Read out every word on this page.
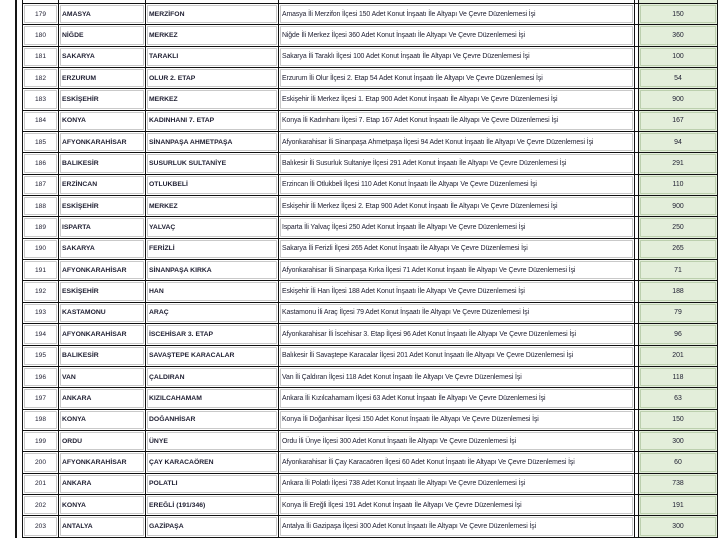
179	AMASYA	MERZİFON	Amasya İli Merzifon İlçesi 150 Adet Konut İnşaatı İle Altyapı Ve Çevre Düzenlemesi İşi	150
180	NİĞDE	MERKEZ	Niğde İli Merkez İlçesi 360 Adet Konut İnşaatı İle Altyapı Ve Çevre Düzenlemesi İşi	360
181	SAKARYA	TARAKLI	Sakarya İli Taraklı İlçesi 100 Adet Konut İnşaatı İle Altyapı Ve Çevre Düzenlemesi İşi	100
182	ERZURUM	OLUR 2. ETAP	Erzurum İli Olur İlçesi 2. Etap 54 Adet Konut İnşaatı İle Altyapı Ve Çevre Düzenlemesi İşi	54
183	ESKİŞEHİR	MERKEZ	Eskişehir İli Merkez İlçesi 1. Etap 900 Adet Konut İnşaatı İle Altyapı Ve Çevre Düzenlemesi İşi	900
184	KONYA	KADINHANI 7. ETAP	Konya İli Kadınhanı İlçesi 7. Etap 167 Adet Konut İnşaatı İle Altyapı Ve Çevre Düzenlemesi İşi	167
185	AFYONKARAHİSAR	SİNANPAŞA AHMETPAŞA	Afyonkarahisar İli Sinanpaşa Ahmetpaşa İlçesi 94 Adet Konut İnşaatı İle Altyapı Ve Çevre Düzenlemesi İşi	94
186	BALIKESİR	SUSURLUK SULTANİYE	Balıkesir İli Susurluk Sultaniye İlçesi 291 Adet Konut İnşaatı İle Altyapı Ve Çevre Düzenlemesi İşi	291
187	ERZİNCAN	OTLUKBELİ	Erzincan İli Otlukbeli İlçesi 110 Adet Konut İnşaatı İle Altyapı Ve Çevre Düzenlemesi İşi	110
188	ESKİŞEHİR	MERKEZ	Eskişehir İli Merkez İlçesi 2. Etap 900 Adet Konut İnşaatı İle Altyapı Ve Çevre Düzenlemesi İşi	900
189	ISPARTA	YALVAÇ	Isparta İli Yalvaç İlçesi 250 Adet Konut İnşaatı İle Altyapı Ve Çevre Düzenlemesi İşi	250
190	SAKARYA	FERİZLİ	Sakarya İli Ferizli İlçesi 265 Adet Konut İnşaatı İle Altyapı Ve Çevre Düzenlemesi İşi	265
191	AFYONKARAHİSAR	SİNANPAŞA KIRKA	Afyonkarahisar İli Sinanpaşa Kırka İlçesi 71 Adet Konut İnşaatı İle Altyapı Ve Çevre Düzenlemesi İşi	71
192	ESKİŞEHİR	HAN	Eskişehir İli Han İlçesi 188 Adet Konut İnşaatı İle Altyapı Ve Çevre Düzenlemesi İşi	188
193	KASTAMONU	ARAÇ	Kastamonu İli Araç İlçesi 79 Adet Konut İnşaatı İle Altyapı Ve Çevre Düzenlemesi İşi	79
194	AFYONKARAHİSAR	İSCEHİSAR 3. ETAP	Afyonkarahisar İli İscehisar 3. Etap İlçesi 96 Adet Konut İnşaatı İle Altyapı Ve Çevre Düzenlemesi İşi	96
195	BALIKESİR	SAVAŞTEPE KARACALAR	Balıkesir İli Savaştepe Karacalar İlçesi 201 Adet Konut İnşaatı İle Altyapı Ve Çevre Düzenlemesi İşi	201
196	VAN	ÇALDIRAN	Van İli Çaldıran İlçesi 118 Adet Konut İnşaatı İle Altyapı Ve Çevre Düzenlemesi İşi	118
197	ANKARA	KIZILCAHAMAM	Ankara İli Kızılcahamam İlçesi 63 Adet Konut İnşaatı İle Altyapı Ve Çevre Düzenlemesi İşi	63
198	KONYA	DOĞANHİSAR	Konya İli Doğanhisar İlçesi 150 Adet Konut İnşaatı İle Altyapı Ve Çevre Düzenlemesi İşi	150
199	ORDU	ÜNYE	Ordu İli Ünye İlçesi 300 Adet Konut İnşaatı İle Altyapı Ve Çevre Düzenlemesi İşi	300
200	AFYONKARAHİSAR	ÇAY KARACAÖREN	Afyonkarahisar İli Çay Karacaören İlçesi 60 Adet Konut İnşaatı İle Altyapı Ve Çevre Düzenlemesi İşi	60
201	ANKARA	POLATLI	Ankara İli Polatlı İlçesi 738 Adet Konut İnşaatı İle Altyapı Ve Çevre Düzenlemesi İşi	738
202	KONYA	EREĞLİ (191/346)	Konya İli Ereğli İlçesi 191 Adet Konut İnşaatı İle Altyapı Ve Çevre Düzenlemesi İşi	191
203	ANTALYA	GAZİPAŞA	Antalya İli Gazipaşa İlçesi 300 Adet Konut İnşaatı İle Altyapı Ve Çevre Düzenlemesi İşi	300
